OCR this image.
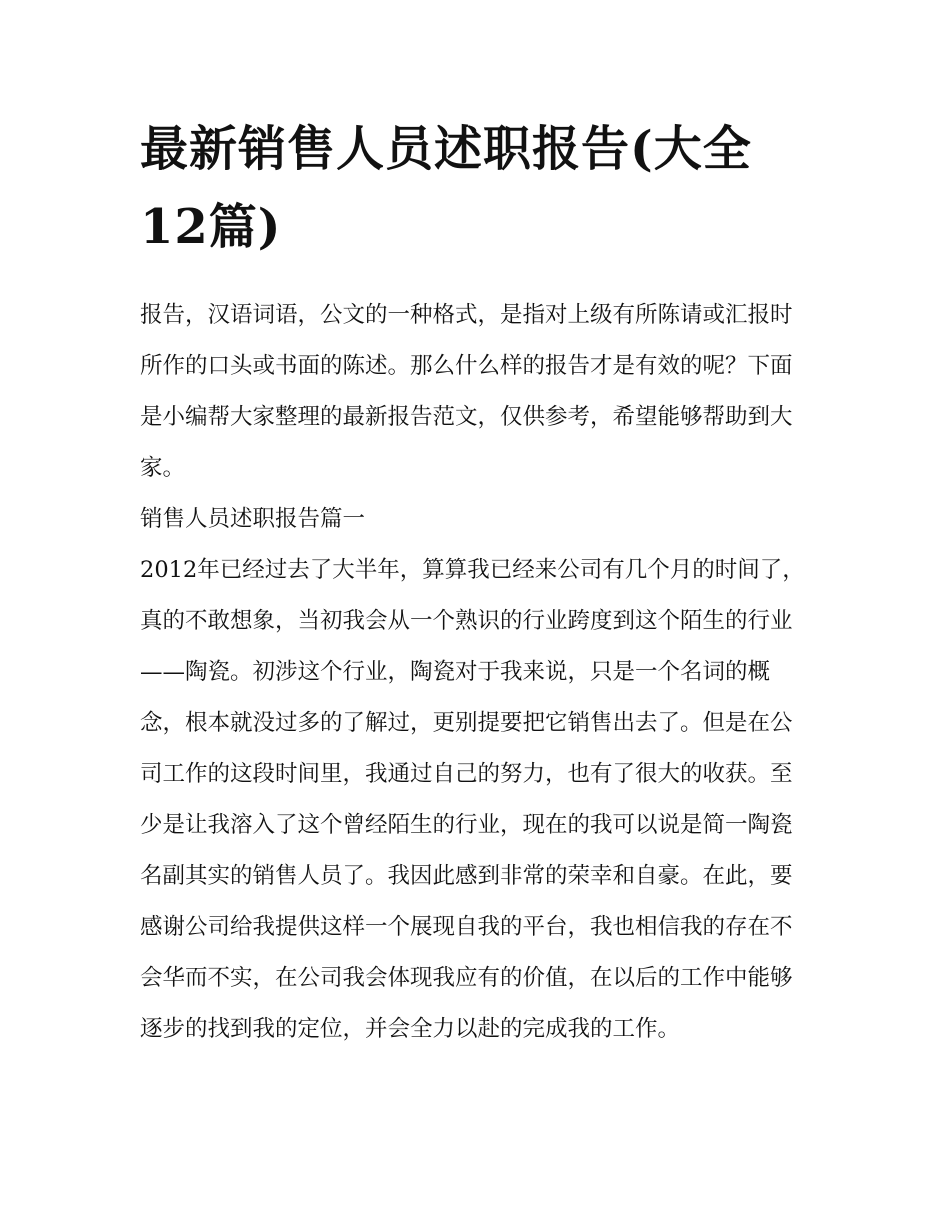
最新销售人员述职报告(大全12篇)

报告，汉语词语，公文的一种格式，是指对上级有所陈请或汇报时所作的口头或书面的陈述。那么什么样的报告才是有效的呢？下面是小编帮大家整理的最新报告范文，仅供参考，希望能够帮助到大家。

销售人员述职报告篇一

2012年已经过去了大半年，算算我已经来公司有几个月的时间了，真的不敢想象，当初我会从一个熟识的行业跨度到这个陌生的行业——陶瓷。初涉这个行业，陶瓷对于我来说，只是一个名词的概念，根本就没过多的了解过，更别提要把它销售出去了。但是在公司工作的这段时间里，我通过自己的努力，也有了很大的收获。至少是让我溶入了这个曾经陌生的行业，现在的我可以说是简一陶瓷名副其实的销售人员了。我因此感到非常的荣幸和自豪。在此，要感谢公司给我提供这样一个展现自我的平台，我也相信我的存在不会华而不实，在公司我会体现我应有的价值，在以后的工作中能够逐步的找到我的定位，并会全力以赴的完成我的工作。
